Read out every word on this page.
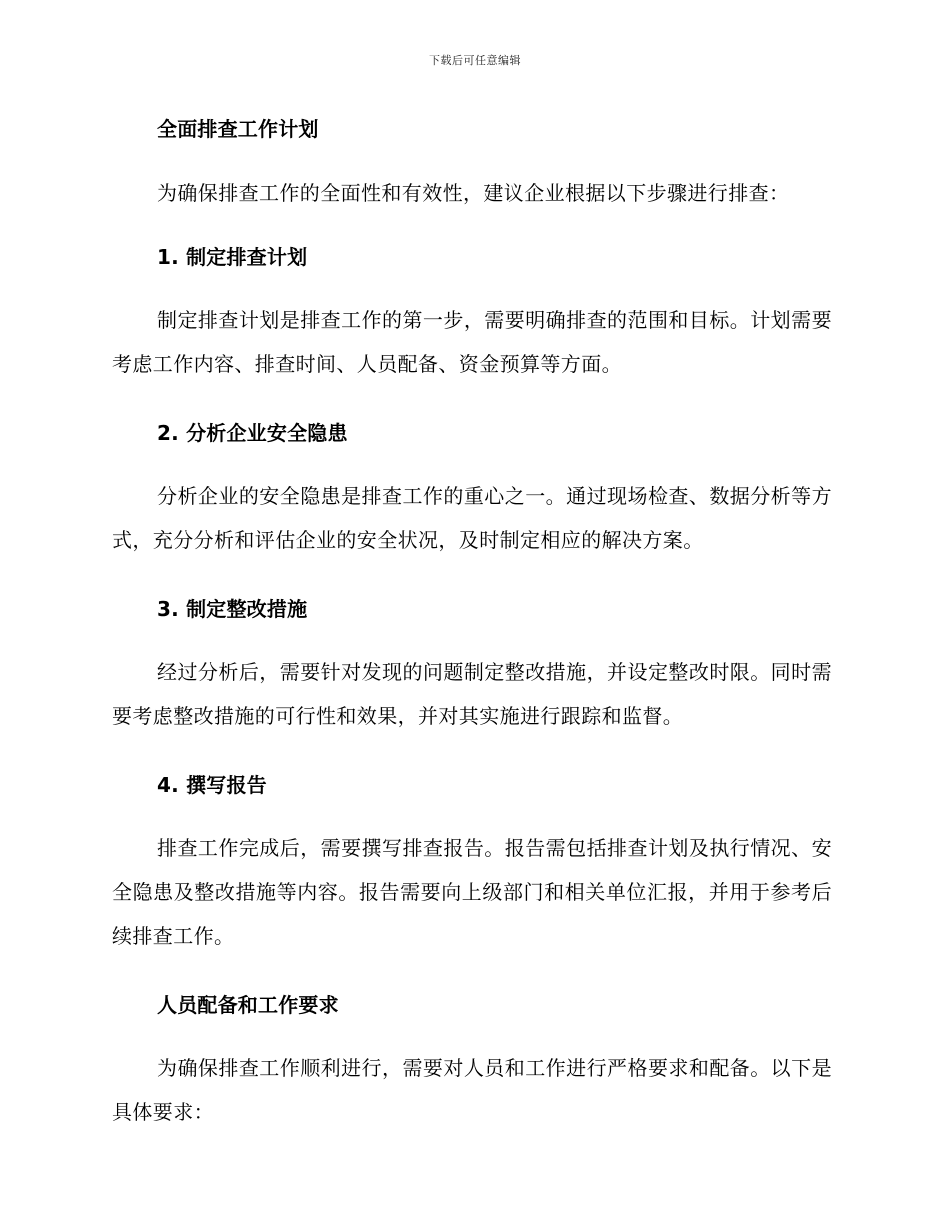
下载后可任意编辑
全面排查工作计划

为确保排查工作的全面性和有效性，建议企业根据以下步骤进行排查：

1. 制定排查计划

制定排查计划是排查工作的第一步，需要明确排查的范围和目标。计划需要考虑工作内容、排查时间、人员配备、资金预算等方面。

2. 分析企业安全隐患

分析企业的安全隐患是排查工作的重心之一。通过现场检查、数据分析等方式，充分分析和评估企业的安全状况，及时制定相应的解决方案。

3. 制定整改措施

经过分析后，需要针对发现的问题制定整改措施，并设定整改时限。同时需要考虑整改措施的可行性和效果，并对其实施进行跟踪和监督。

4. 撰写报告

排查工作完成后，需要撰写排查报告。报告需包括排查计划及执行情况、安全隐患及整改措施等内容。报告需要向上级部门和相关单位汇报，并用于参考后续排查工作。

人员配备和工作要求

为确保排查工作顺利进行，需要对人员和工作进行严格要求和配备。以下是具体要求：
